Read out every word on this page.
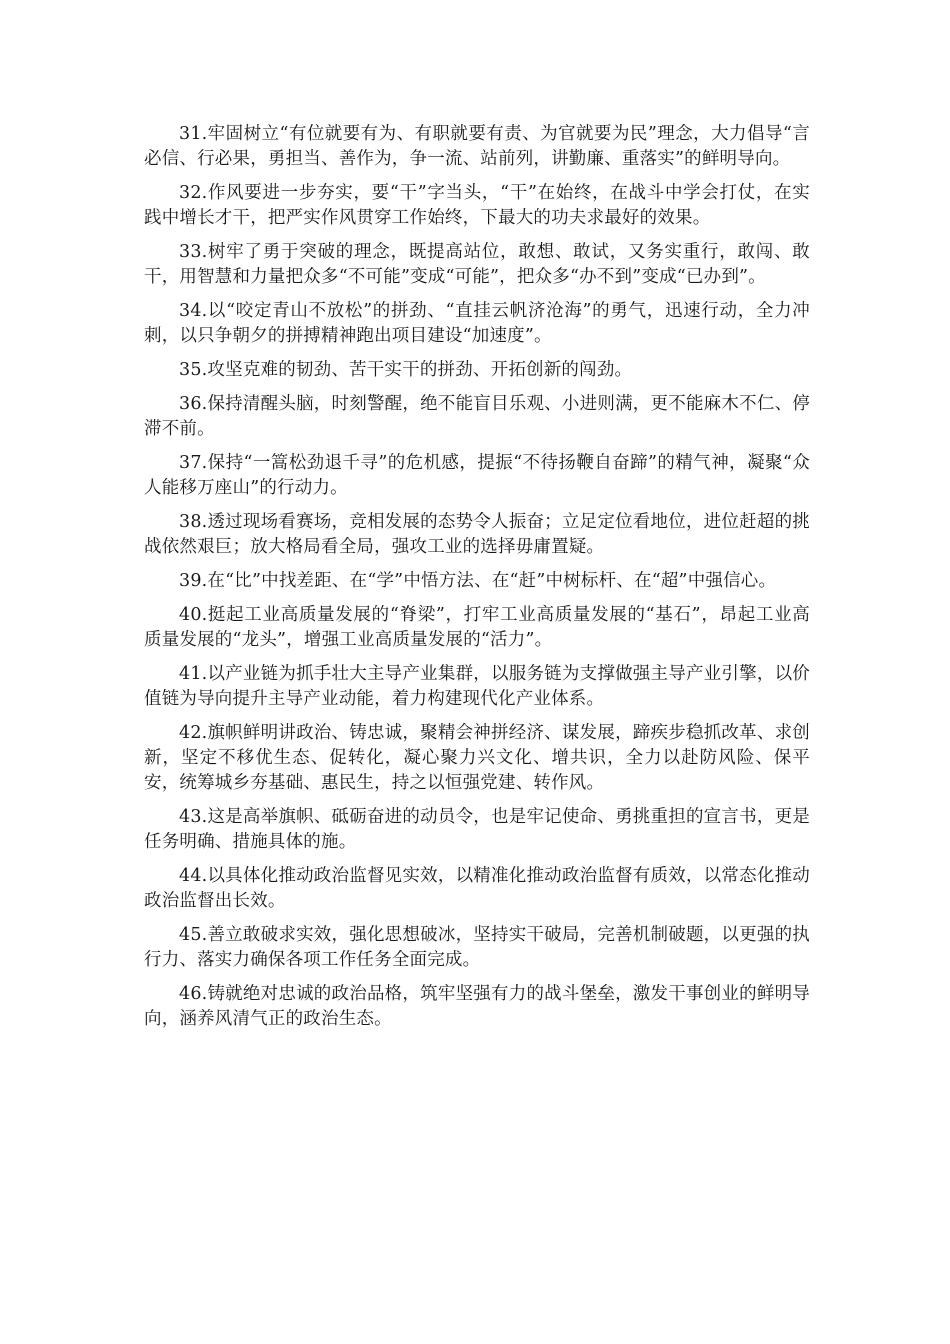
31.牢固树立“有位就要有为、有职就要有责、为官就要为民”理念，大力倡导“言必信、行必果，勇担当、善作为，争一流、站前列，讲勤廉、重落实”的鲜明导向。

32.作风要进一步夯实，要“干”字当头，“干”在始终，在战斗中学会打仗，在实践中增长才干，把严实作风贯穿工作始终，下最大的功夫求最好的效果。

33.树牢了勇于突破的理念，既提高站位，敢想、敢试，又务实重行，敢闯、敢干，用智慧和力量把众多“不可能”变成“可能”，把众多“办不到”变成“已办到”。

34.以“咬定青山不放松”的拼劲、“直挂云帆济沧海”的勇气，迅速行动，全力冲刺，以只争朝夕的拼搏精神跑出项目建设“加速度”。

35.攻坚克难的韧劲、苦干实干的拼劲、开拓创新的闯劲。

36.保持清醒头脑，时刻警醒，绝不能盲目乐观、小进则满，更不能麻木不仁、停滞不前。

37.保持“一篙松劲退千寻”的危机感，提振“不待扬鞭自奋蹄”的精气神，凝聚“众人能移万座山”的行动力。

38.透过现场看赛场，竞相发展的态势令人振奋；立足定位看地位，进位赶超的挑战依然艰巨；放大格局看全局，强攻工业的选择毋庸置疑。

39.在“比”中找差距、在“学”中悟方法、在“赶”中树标杆、在“超”中强信心。

40.挺起工业高质量发展的“脊梁”，打牢工业高质量发展的“基石”，昂起工业高质量发展的“龙头”，增强工业高质量发展的“活力”。

41.以产业链为抓手壮大主导产业集群，以服务链为支撑做强主导产业引擎，以价值链为导向提升主导产业动能，着力构建现代化产业体系。

42.旗帜鲜明讲政治、铸忠诚，聚精会神拼经济、谋发展，蹄疾步稳抓改革、求创新，坚定不移优生态、促转化，凝心聚力兴文化、增共识，全力以赴防风险、保平安，统筹城乡夯基础、惠民生，持之以恒强党建、转作风。

43.这是高举旗帜、砥砺奋进的动员令，也是牢记使命、勇挑重担的宣言书，更是任务明确、措施具体的施。

44.以具体化推动政治监督见实效，以精准化推动政治监督有质效，以常态化推动政治监督出长效。

45.善立敢破求实效，强化思想破冰，坚持实干破局，完善机制破题，以更强的执行力、落实力确保各项工作任务全面完成。

46.铸就绝对忠诚的政治品格，筑牢坚强有力的战斗堡垒，激发干事创业的鲜明导向，涵养风清气正的政治生态。
